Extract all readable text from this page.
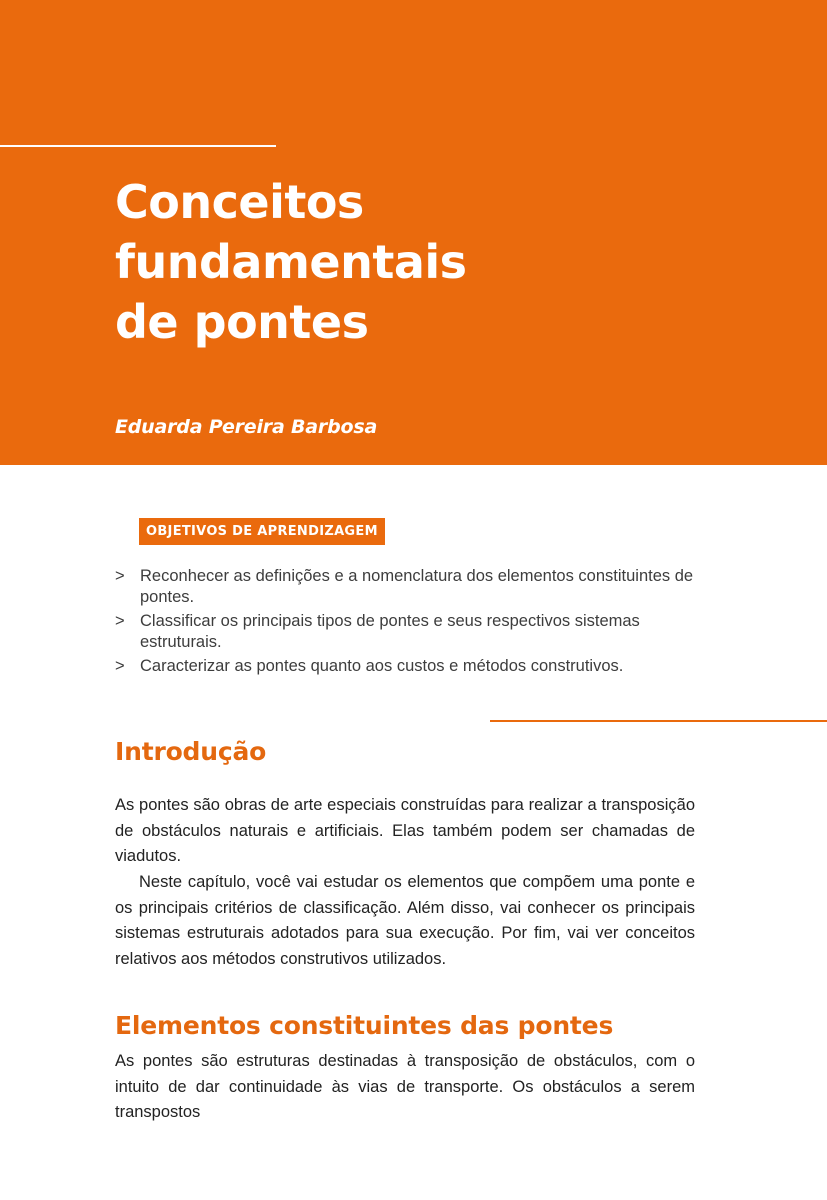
Conceitos
fundamentais
de pontes
Eduarda Pereira Barbosa
OBJETIVOS DE APRENDIZAGEM
> Reconhecer as definições e a nomenclatura dos elementos constituintes de pontes.
> Classificar os principais tipos de pontes e seus respectivos sistemas estruturais.
> Caracterizar as pontes quanto aos custos e métodos construtivos.
Introdução

As pontes são obras de arte especiais construídas para realizar a transposição de obstáculos naturais e artificiais. Elas também podem ser chamadas de viadutos.

Neste capítulo, você vai estudar os elementos que compõem uma ponte e os principais critérios de classificação. Além disso, vai conhecer os principais sistemas estruturais adotados para sua execução. Por fim, vai ver conceitos relativos aos métodos construtivos utilizados.

Elementos constituintes das pontes

As pontes são estruturas destinadas à transposição de obstáculos, com o intuito de dar continuidade às vias de transporte. Os obstáculos a serem transpostos
